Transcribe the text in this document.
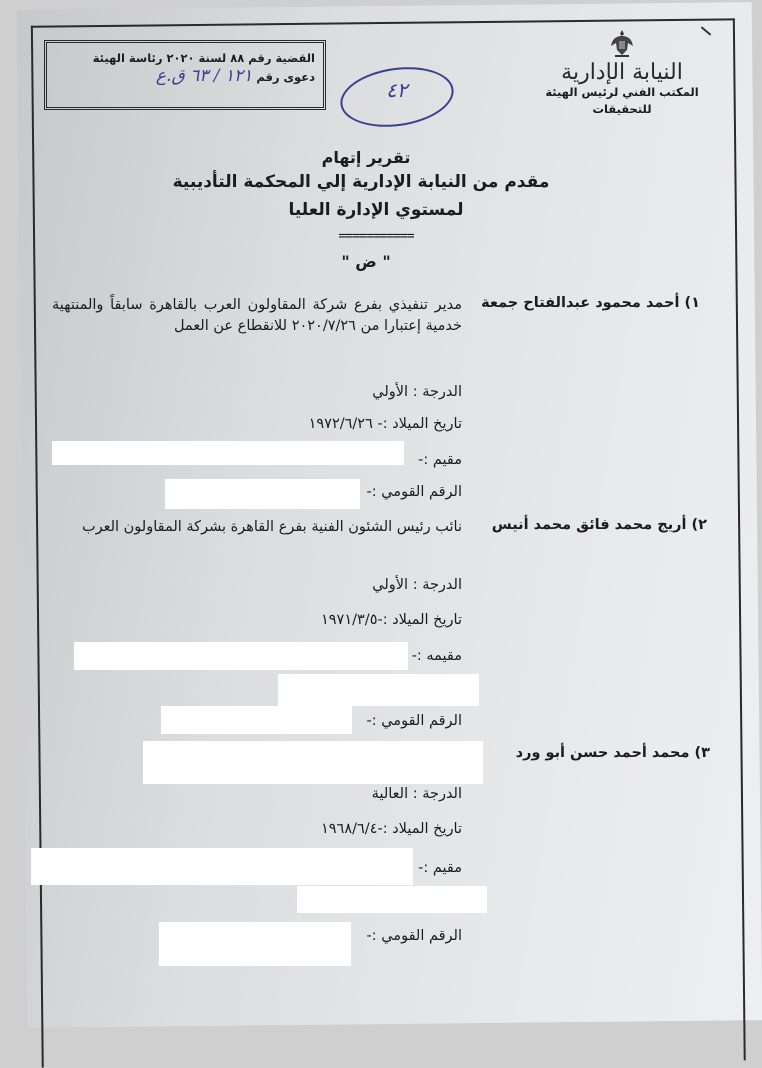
القضية رقم ٨٨ لسنة ٢٠٢٠ رئاسة الهيئة
دعوى رقم ١٢١ / ٦٣ ق.ع
٤٢
النيابة الإدارية
المكتب الفني لرئيس الهيئة
للتحقيقات
تقرير إتهام
مقدم من النيابة الإدارية إلي المحكمة التأديبية
لمستوي الإدارة العليا
===========
" ض "
١) أحمد محمود عبدالفتاح جمعة
مدير تنفيذي بفرع شركة المقاولون العرب بالقاهرة سابقاً والمنتهية خدمية إعتبارا من ٢٠٢٠/٧/٢٦ للانقطاع عن العمل
الدرجة : الأولي
تاريخ الميلاد :- ١٩٧٢/٦/٢٦
مقيم :-
الرقم القومي :-
٢) أريج محمد فائق محمد أنيس
نائب رئيس الشئون الفنية بفرع القاهرة بشركة المقاولون العرب
الدرجة : الأولي
تاريخ الميلاد :-١٩٧١/٣/٥
مقيمه :-
الرقم القومي :-
٣) محمد أحمد حسن أبو ورد
الدرجة : العالية
تاريخ الميلاد :-١٩٦٨/٦/٤
مقيم :-
الرقم القومي :-
